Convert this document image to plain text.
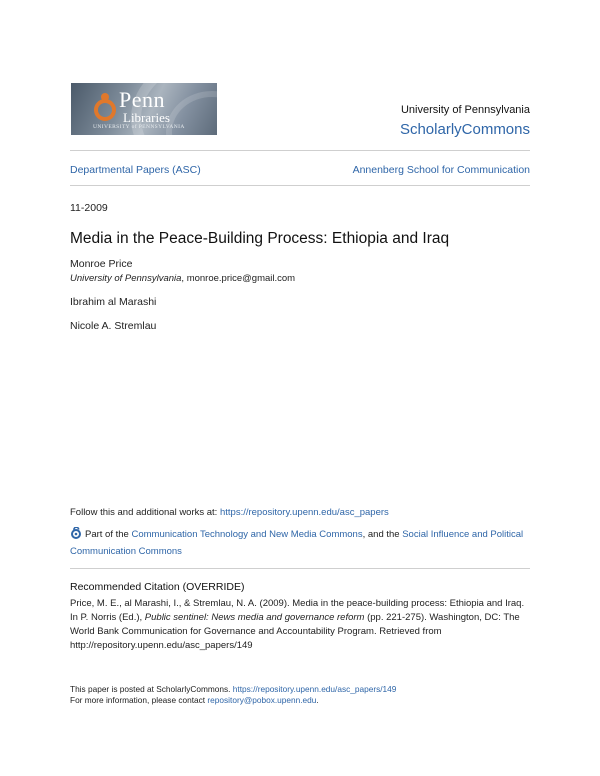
Penn
Libraries
UNIVERSITY of PENNSYLVANIA
University of Pennsylvania
ScholarlyCommons
Departmental Papers (ASC)	Annenberg School for Communication
11-2009
Media in the Peace-Building Process: Ethiopia and Iraq
Monroe Price
University of Pennsylvania, monroe.price@gmail.com
Ibrahim al Marashi
Nicole A. Stremlau
Follow this and additional works at: https://repository.upenn.edu/asc_papers
Part of the Communication Technology and New Media Commons, and the Social Influence and Political Communication Commons
Recommended Citation (OVERRIDE)
Price, M. E., al Marashi, I., & Stremlau, N. A. (2009). Media in the peace-building process: Ethiopia and Iraq. In P. Norris (Ed.), Public sentinel: News media and governance reform (pp. 221-275). Washington, DC: The World Bank Communication for Governance and Accountability Program. Retrieved from http://repository.upenn.edu/asc_papers/149
This paper is posted at ScholarlyCommons. https://repository.upenn.edu/asc_papers/149
For more information, please contact repository@pobox.upenn.edu.
